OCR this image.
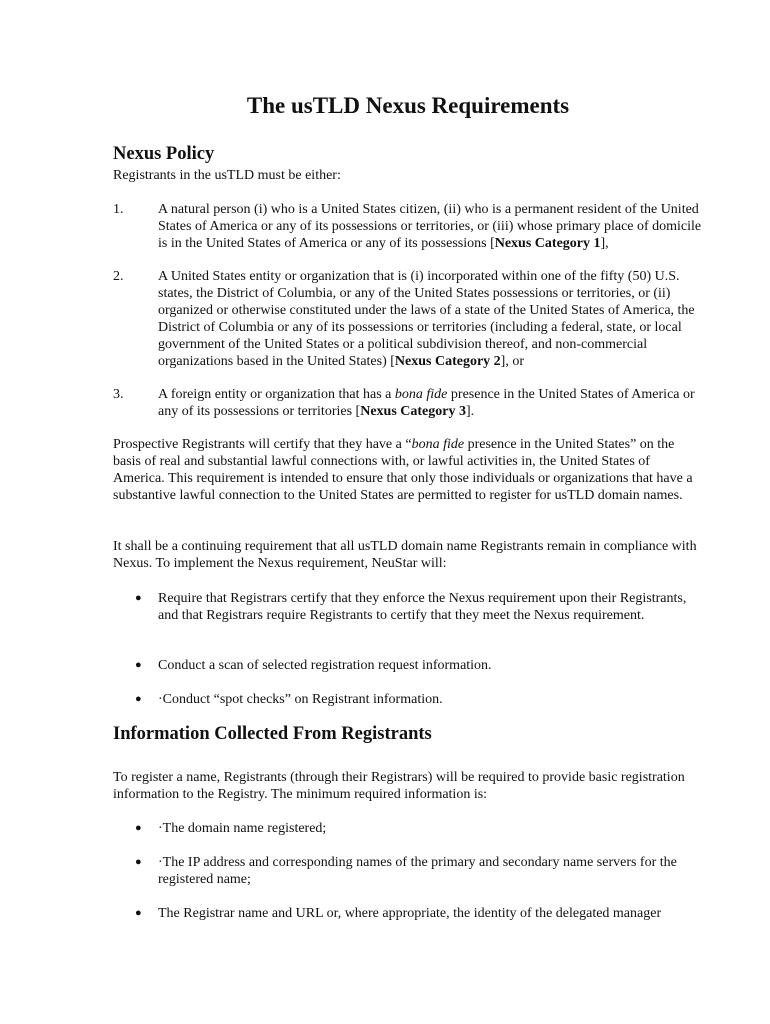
The usTLD Nexus Requirements
Nexus Policy

Registrants in the usTLD must be either:

1. A natural person (i) who is a United States citizen, (ii) who is a permanent resident of the United States of America or any of its possessions or territories, or (iii) whose primary place of domicile is in the United States of America or any of its possessions [Nexus Category 1],
2. A United States entity or organization that is (i) incorporated within one of the fifty (50) U.S. states, the District of Columbia, or any of the United States possessions or territories, or (ii) organized or otherwise constituted under the laws of a state of the United States of America, the District of Columbia or any of its possessions or territories (including a federal, state, or local government of the United States or a political subdivision thereof, and non-commercial organizations based in the United States) [Nexus Category 2], or
3. A foreign entity or organization that has a bona fide presence in the United States of America or any of its possessions or territories [Nexus Category 3].

Prospective Registrants will certify that they have a “bona fide presence in the United States” on the basis of real and substantial lawful connections with, or lawful activities in, the United States of America. This requirement is intended to ensure that only those individuals or organizations that have a substantive lawful connection to the United States are permitted to register for usTLD domain names.

It shall be a continuing requirement that all usTLD domain name Registrants remain in compliance with Nexus. To implement the Nexus requirement, NeuStar will:

● Require that Registrars certify that they enforce the Nexus requirement upon their Registrants, and that Registrars require Registrants to certify that they meet the Nexus requirement.
● Conduct a scan of selected registration request information.
● ·Conduct “spot checks” on Registrant information.
Information Collected From Registrants

To register a name, Registrants (through their Registrars) will be required to provide basic registration information to the Registry. The minimum required information is:

● ·The domain name registered;
● ·The IP address and corresponding names of the primary and secondary name servers for the registered name;
● The Registrar name and URL or, where appropriate, the identity of the delegated manager
